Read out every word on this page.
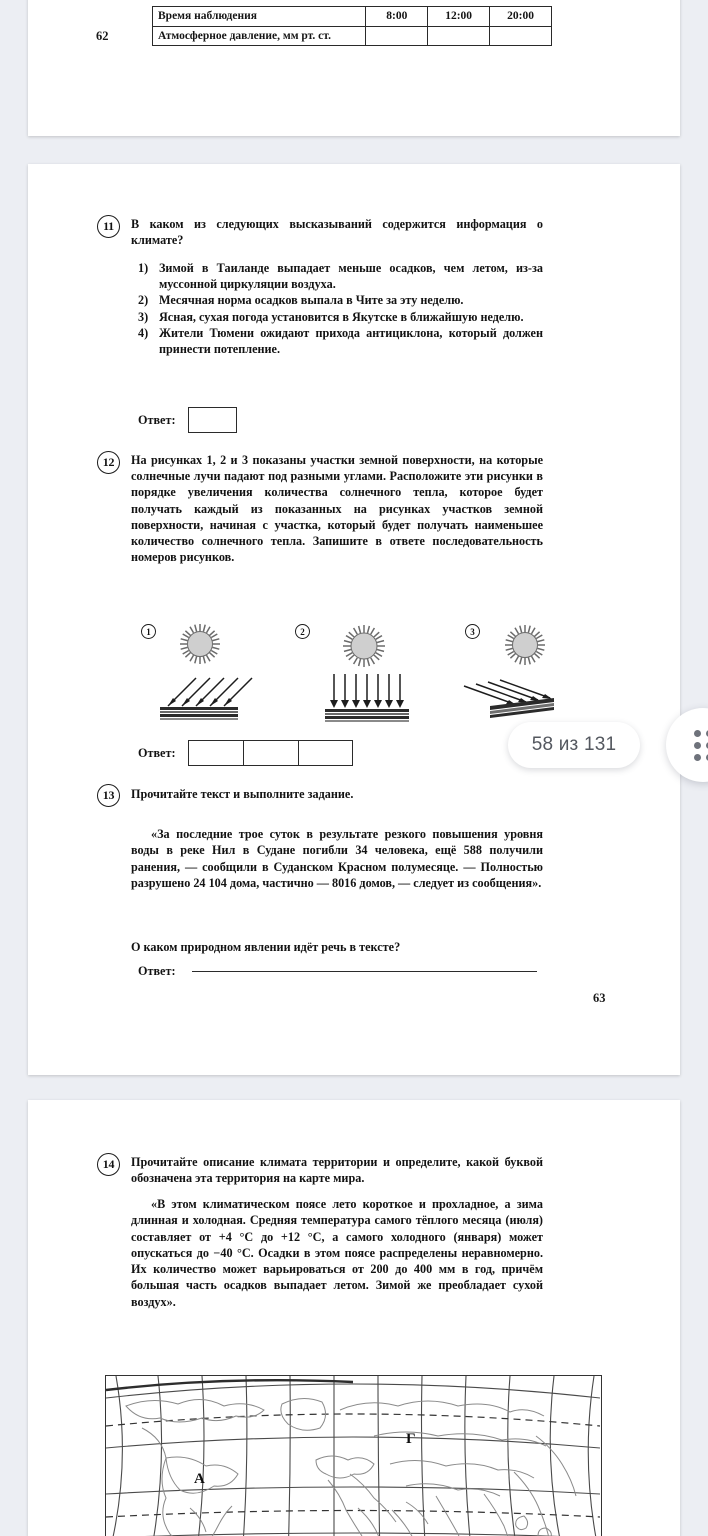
Время наблюдения	8:00	12:00	20:00
Атмосферное давление, мм рт. ст.			
62
11	В каком из следующих высказываний содержится информация о климате?
1) Зимой в Таиланде выпадает меньше осадков, чем летом, из-за муссонной циркуляции воздуха.
2) Месячная норма осадков выпала в Чите за эту неделю.
3) Ясная, сухая погода установится в Якутске в ближайшую неделю.
4) Жители Тюмени ожидают прихода антициклона, который должен принести потепление.
Ответ:
12	На рисунках 1, 2 и 3 показаны участки земной поверхности, на которые солнечные лучи падают под разными углами. Расположите эти рисунки в порядке увеличения количества солнечного тепла, которое будет получать каждый из показанных на рисунках участков земной поверхности, начиная с участка, который будет получать наименьшее количество солнечного тепла. Запишите в ответе последовательность номеров рисунков.
1	2	3
Ответ:
13	Прочитайте текст и выполните задание.
«За последние трое суток в результате резкого повышения уровня воды в реке Нил в Судане погибли 34 человека, ещё 588 получили ранения, — сообщили в Суданском Красном полумесяце. — Полностью разрушено 24 104 дома, частично — 8016 домов, — следует из сообщения».
О каком природном явлении идёт речь в тексте?
Ответ:
63
14	Прочитайте описание климата территории и определите, какой буквой обозначена эта территория на карте мира.
«В этом климатическом поясе лето короткое и прохладное, а зима длинная и холодная. Средняя температура самого тёплого месяца (июля) составляет от +4 °С до +12 °С, а самого холодного (января) может опускаться до −40 °С. Осадки в этом поясе распределены неравномерно. Их количество может варьироваться от 200 до 400 мм в год, причём большая часть осадков выпадает летом. Зимой же преобладает сухой воздух».
А
Г
58 из 131
